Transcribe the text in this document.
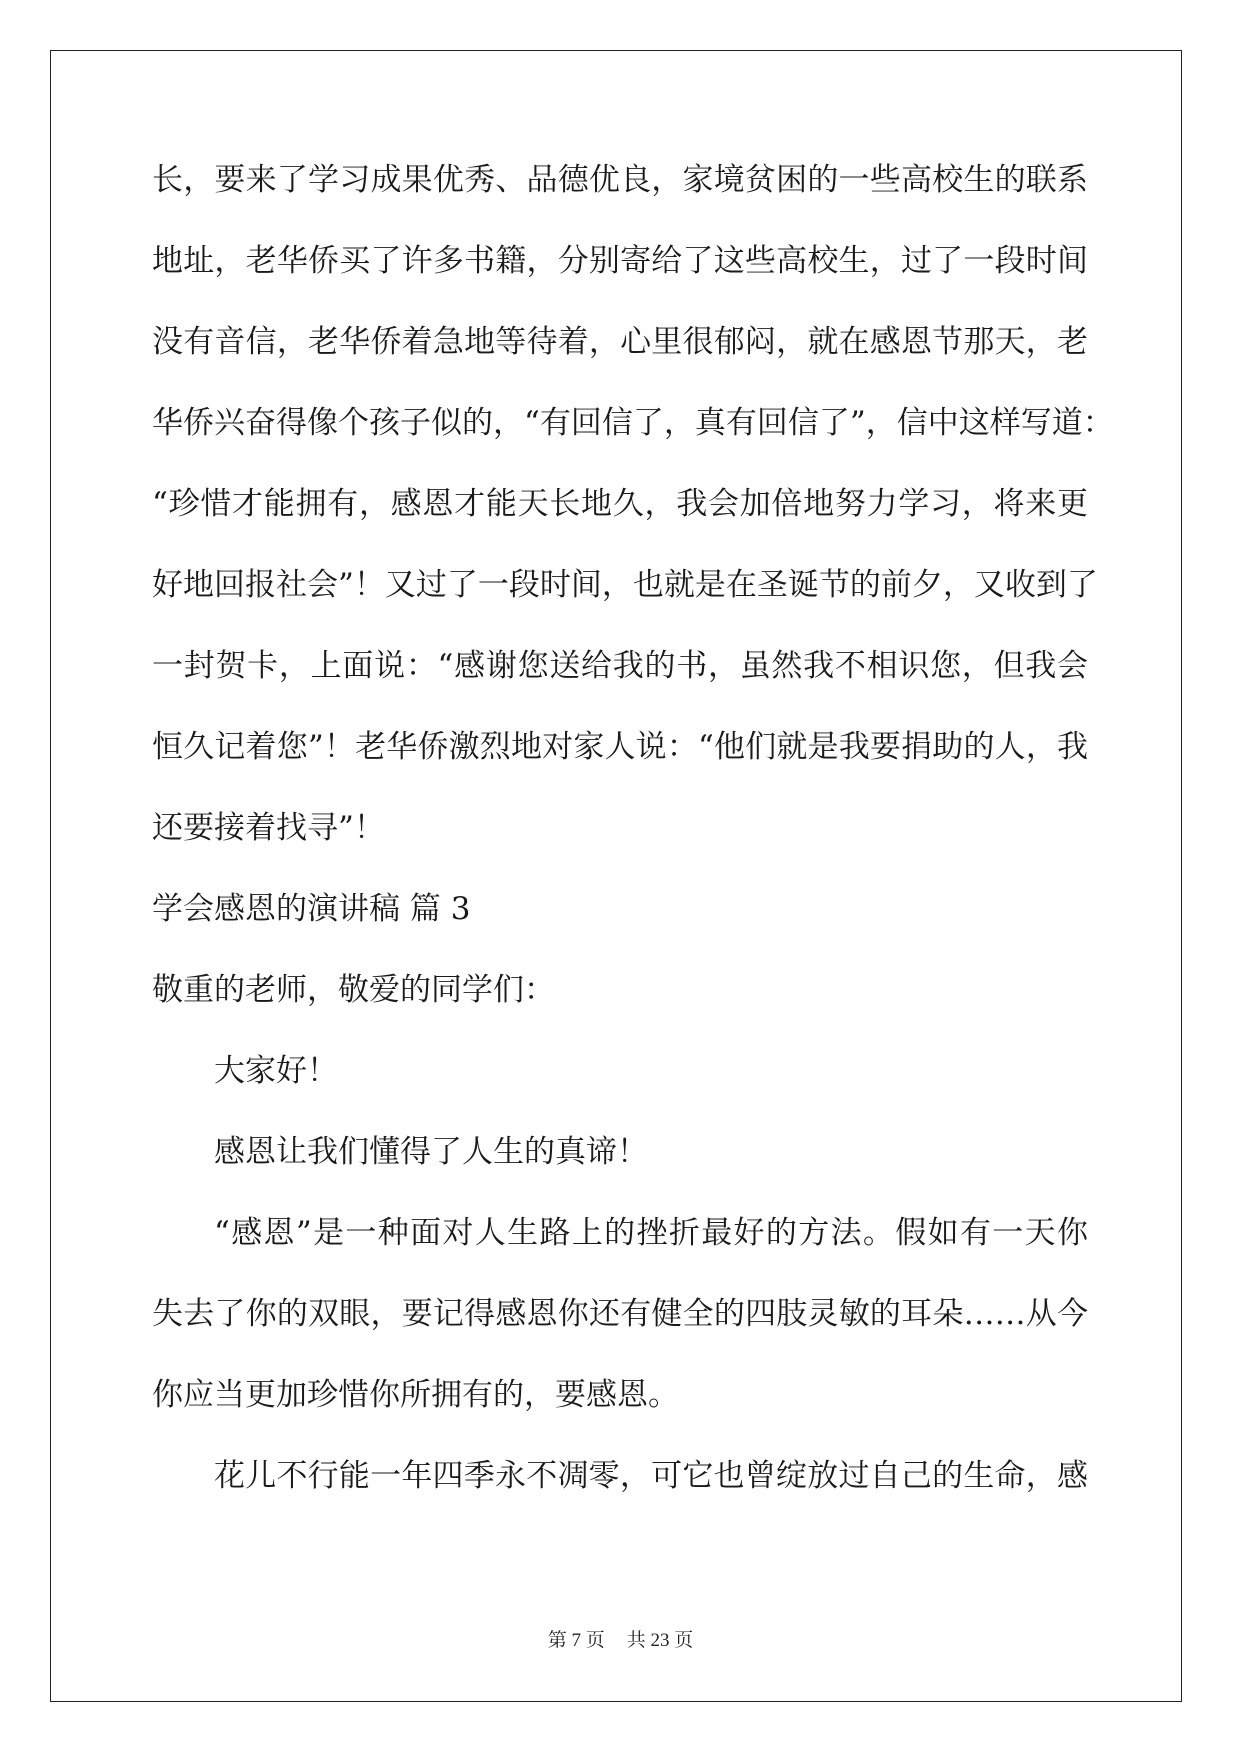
长，要来了学习成果优秀、品德优良，家境贫困的一些高校生的联系
地址，老华侨买了许多书籍，分别寄给了这些高校生，过了一段时间
没有音信，老华侨着急地等待着，心里很郁闷，就在感恩节那天，老
华侨兴奋得像个孩子似的，“有回信了，真有回信了”，信中这样写道：
“珍惜才能拥有，感恩才能天长地久，我会加倍地努力学习，将来更
好地回报社会”！又过了一段时间，也就是在圣诞节的前夕，又收到了
一封贺卡，上面说：“感谢您送给我的书，虽然我不相识您，但我会
恒久记着您”！老华侨激烈地对家人说：“他们就是我要捐助的人，我
还要接着找寻”！
学会感恩的演讲稿 篇 3
敬重的老师，敬爱的同学们：
大家好！
感恩让我们懂得了人生的真谛！
“感恩”是一种面对人生路上的挫折最好的方法。假如有一天你
失去了你的双眼，要记得感恩你还有健全的四肢灵敏的耳朵……从今
你应当更加珍惜你所拥有的，要感恩。
花儿不行能一年四季永不凋零，可它也曾绽放过自己的生命，感
第 7 页 共 23 页
